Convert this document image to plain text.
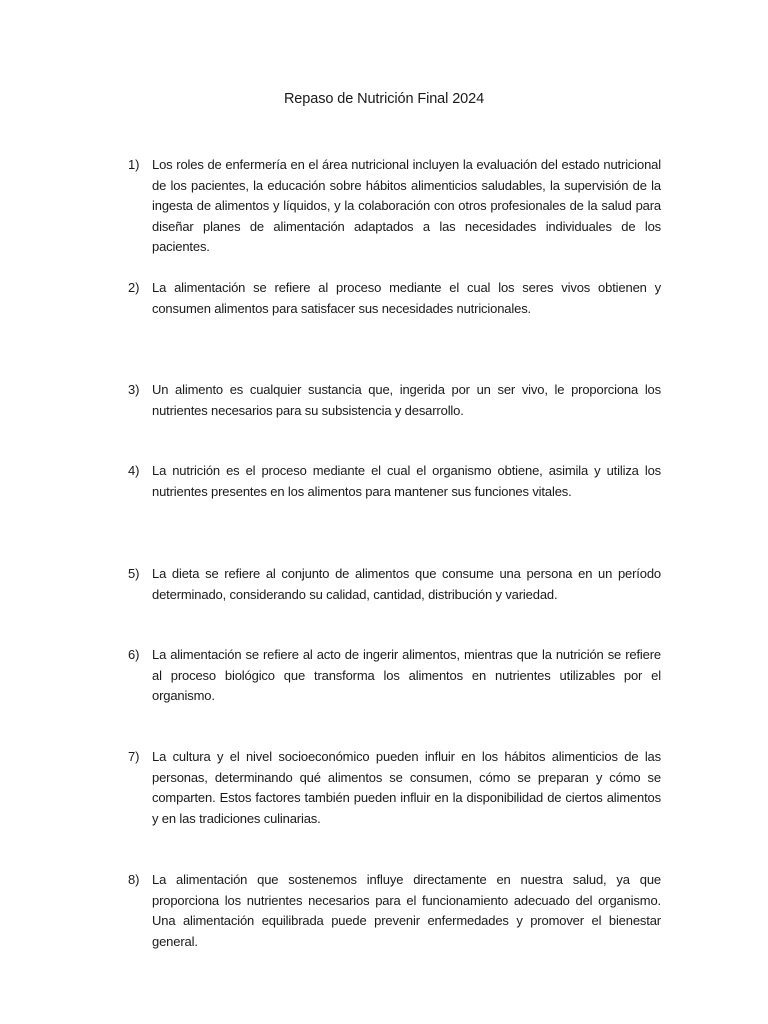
Repaso de Nutrición Final 2024
1) Los roles de enfermería en el área nutricional incluyen la evaluación del estado nutricional de los pacientes, la educación sobre hábitos alimenticios saludables, la supervisión de la ingesta de alimentos y líquidos, y la colaboración con otros profesionales de la salud para diseñar planes de alimentación adaptados a las necesidades individuales de los pacientes.
2) La alimentación se refiere al proceso mediante el cual los seres vivos obtienen y consumen alimentos para satisfacer sus necesidades nutricionales.
3) Un alimento es cualquier sustancia que, ingerida por un ser vivo, le proporciona los nutrientes necesarios para su subsistencia y desarrollo.
4) La nutrición es el proceso mediante el cual el organismo obtiene, asimila y utiliza los nutrientes presentes en los alimentos para mantener sus funciones vitales.
5) La dieta se refiere al conjunto de alimentos que consume una persona en un período determinado, considerando su calidad, cantidad, distribución y variedad.
6) La alimentación se refiere al acto de ingerir alimentos, mientras que la nutrición se refiere al proceso biológico que transforma los alimentos en nutrientes utilizables por el organismo.
7) La cultura y el nivel socioeconómico pueden influir en los hábitos alimenticios de las personas, determinando qué alimentos se consumen, cómo se preparan y cómo se comparten. Estos factores también pueden influir en la disponibilidad de ciertos alimentos y en las tradiciones culinarias.
8) La alimentación que sostenemos influye directamente en nuestra salud, ya que proporciona los nutrientes necesarios para el funcionamiento adecuado del organismo. Una alimentación equilibrada puede prevenir enfermedades y promover el bienestar general.
